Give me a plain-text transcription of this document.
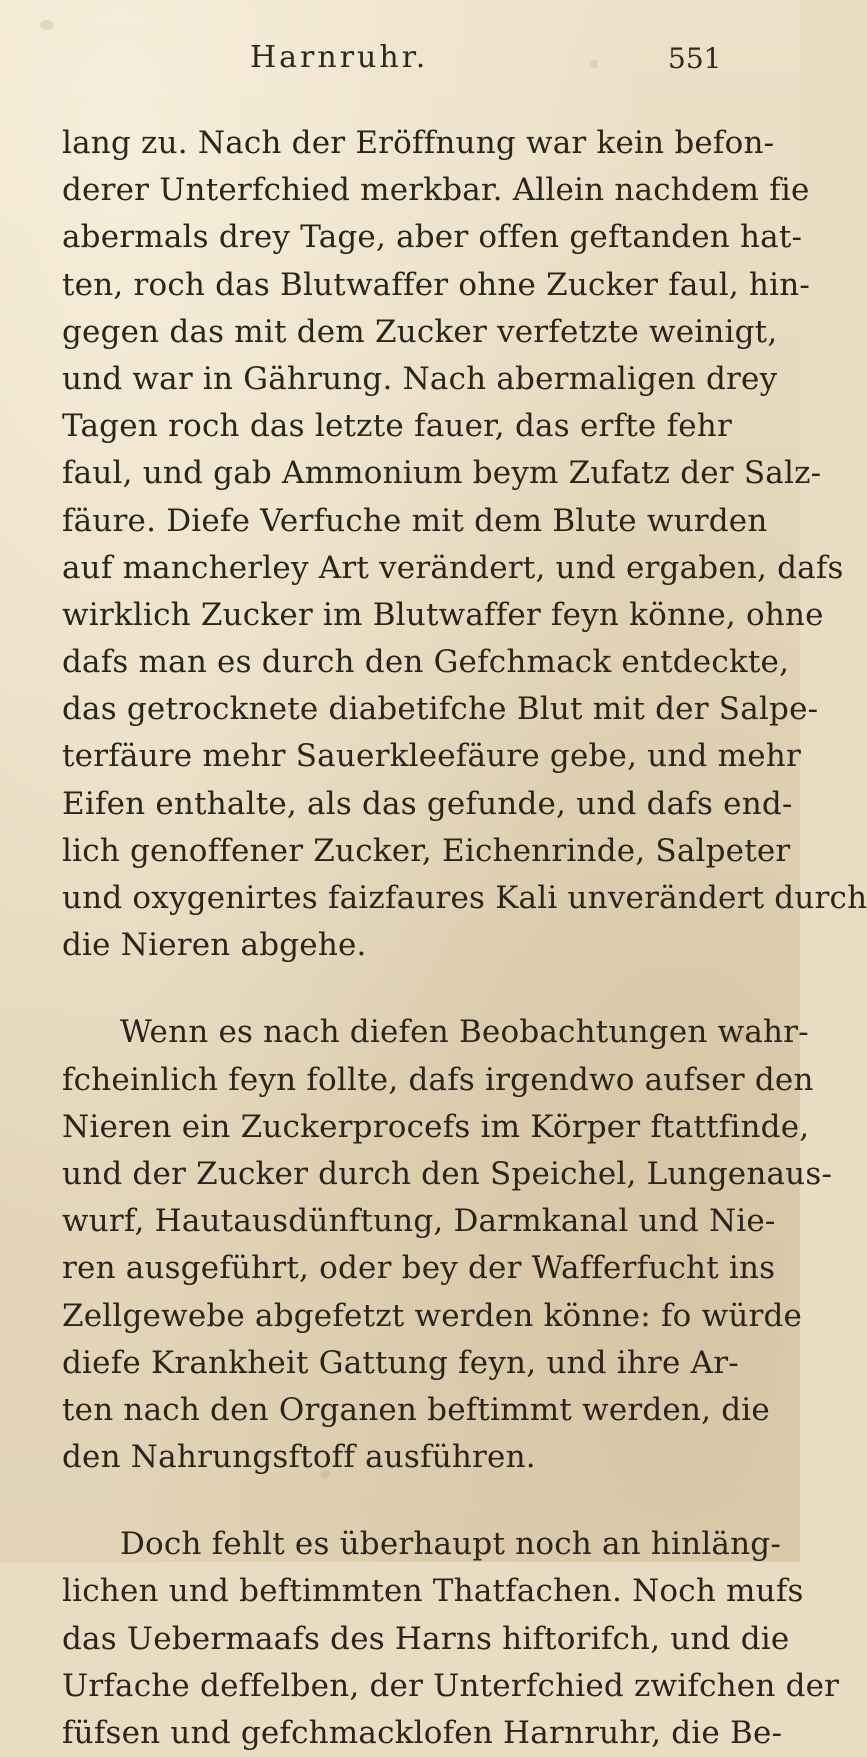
Harnruhr.	551
lang zu. Nach der Eröffnung war kein befon-
derer Unterfchied merkbar. Allein nachdem fie
abermals drey Tage, aber offen geftanden hat-
ten, roch das Blutwaffer ohne Zucker faul, hin-
gegen das mit dem Zucker verfetzte weinigt,
und war in Gährung. Nach abermaligen drey
Tagen roch das letzte fauer, das erfte fehr
faul, und gab Ammonium beym Zufatz der Salz-
fäure. Diefe Verfuche mit dem Blute wurden
auf mancherley Art verändert, und ergaben, dafs
wirklich Zucker im Blutwaffer feyn könne, ohne
dafs man es durch den Gefchmack entdeckte,
das getrocknete diabetifche Blut mit der Salpe-
terfäure mehr Sauerkleefäure gebe, und mehr
Eifen enthalte, als das gefunde, und dafs end-
lich genoffener Zucker, Eichenrinde, Salpeter
und oxygenirtes faizfaures Kali unverändert durch
die Nieren abgehe.
Wenn es nach diefen Beobachtungen wahr-
fcheinlich feyn follte, dafs irgendwo aufser den
Nieren ein Zuckerprocefs im Körper ftattfinde,
und der Zucker durch den Speichel, Lungenaus-
wurf, Hautausdünftung, Darmkanal und Nie-
ren ausgeführt, oder bey der Wafferfucht ins
Zellgewebe abgefetzt werden könne: fo würde
diefe Krankheit Gattung feyn, und ihre Ar-
ten nach den Organen beftimmt werden, die
den Nahrungsftoff ausführen.
Doch fehlt es überhaupt noch an hinläng-
lichen und beftimmten Thatfachen. Noch mufs
das Uebermaafs des Harns hiftorifch, und die
Urfache deffelben, der Unterfchied zwifchen der
füfsen und gefchmacklofen Harnruhr, die Be-
